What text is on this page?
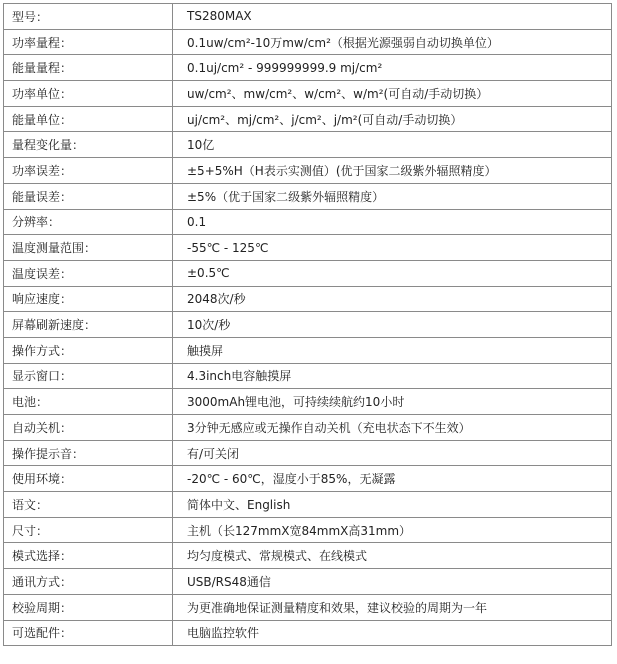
型号：	TS280MAX
功率量程：	0.1uw/cm²-10万mw/cm²（根据光源强弱自动切换单位）
能量量程：	0.1uj/cm² - 999999999.9 mj/cm²
功率单位：	uw/cm²、mw/cm²、w/cm²、w/m²(可自动/手动切换）
能量单位：	uj/cm²、mj/cm²、j/cm²、j/m²(可自动/手动切换）
量程变化量：	10亿
功率误差：	±5+5%H（H表示实测值）(优于国家二级紫外辐照精度）
能量误差：	±5%（优于国家二级紫外辐照精度）
分辨率：	0.1
温度测量范围：	-55℃ - 125℃
温度误差：	±0.5℃
响应速度：	2048次/秒
屏幕刷新速度：	10次/秒
操作方式：	触摸屏
显示窗口：	4.3inch电容触摸屏
电池：	3000mAh锂电池，可持续续航约10小时
自动关机：	3分钟无感应或无操作自动关机（充电状态下不生效）
操作提示音：	有/可关闭
使用环境：	-20℃ - 60℃，湿度小于85%，无凝露
语文：	简体中文、English
尺寸：	主机（长127mmX宽84mmX高31mm）
模式选择：	均匀度模式、常规模式、在线模式
通讯方式：	USB/RS48通信
校验周期：	为更准确地保证测量精度和效果，建议校验的周期为一年
可选配件：	电脑监控软件
